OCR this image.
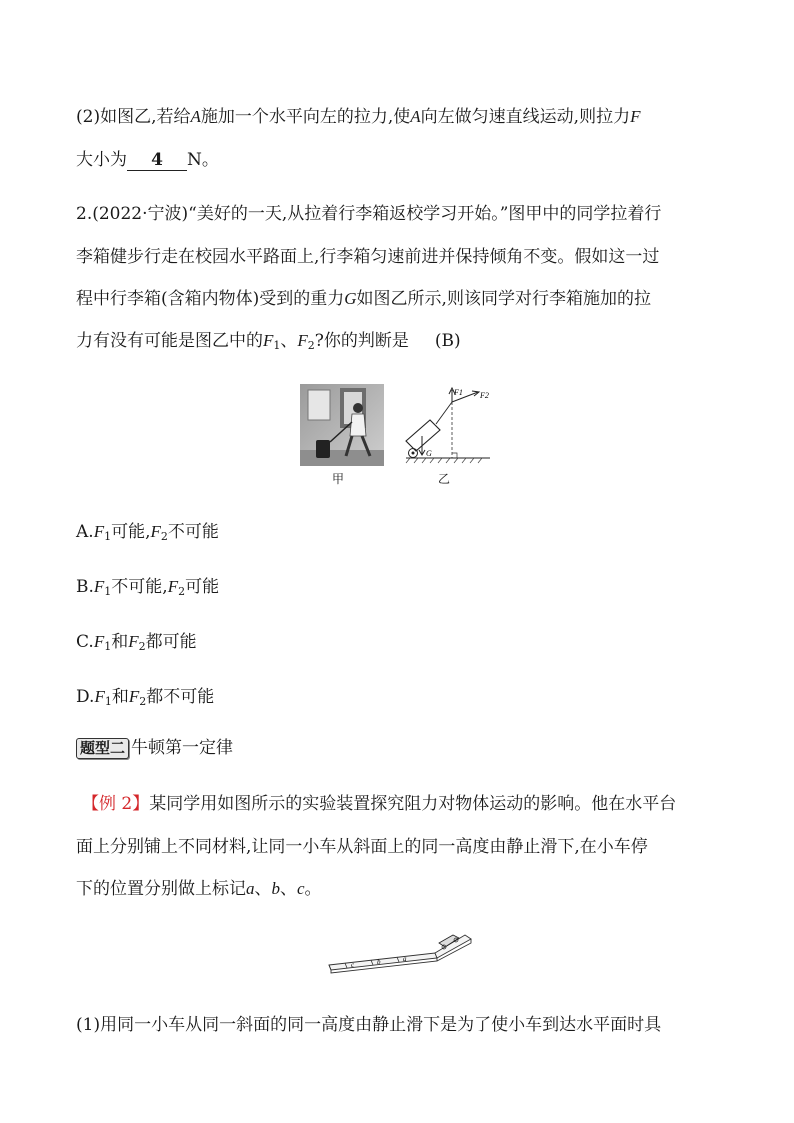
(2)如图乙,若给A施加一个水平向左的拉力,使A向左做匀速直线运动,则拉力F
大小为 4 N。
2.(2022·宁波)“美好的一天,从拉着行李箱返校学习开始。”图甲中的同学拉着行
李箱健步行走在校园水平路面上,行李箱匀速前进并保持倾角不变。假如这一过
程中行李箱(含箱内物体)受到的重力G如图乙所示,则该同学对行李箱施加的拉
力有没有可能是图乙中的$F_1$、$F_2$?你的判断是 (B)
甲
F1 F2
G
乙
$A.F_1$可能$,F_2$不可能
$B.F_1$不可能$,F_2$可能
$C.F_1$和$F_2$都可能
$D.F_1$和$F_2$都不可能
题型二 牛顿第一定律
【例 2】某同学用如图所示的实验装置探究阻力对物体运动的影响。他在水平台
面上分别铺上不同材料,让同一小车从斜面上的同一高度由静止滑下,在小车停
下的位置分别做上标记a、b、c。
c	b	a
(1)用同一小车从同一斜面的同一高度由静止滑下是为了使小车到达水平面时具
